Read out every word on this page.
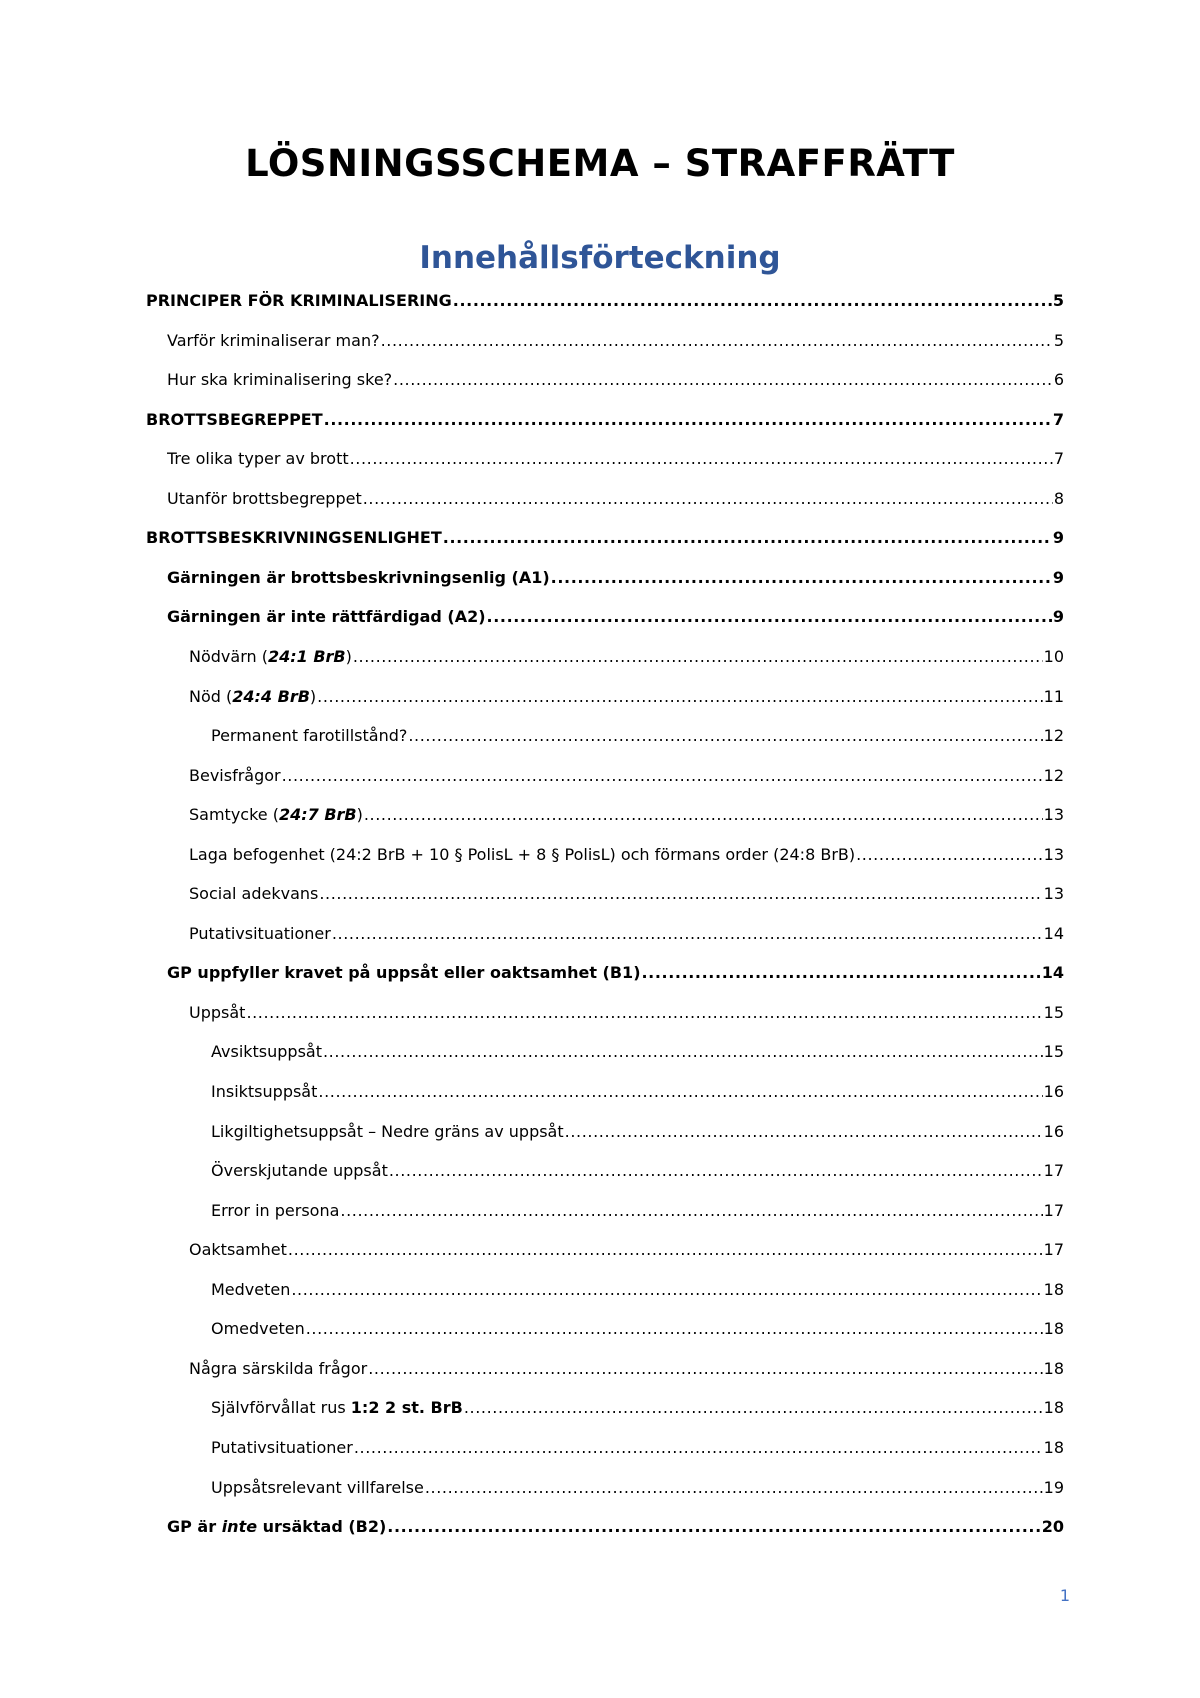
LÖSNINGSSCHEMA – STRAFFRÄTT
Innehållsförteckning
PRINCIPER FÖR KRIMINALISERING .....	5
Varför kriminaliserar man? .....	5
Hur ska kriminalisering ske? .....	6
BROTTSBEGREPPET .....	7
Tre olika typer av brott .....	7
Utanför brottsbegreppet .....	8
BROTTSBESKRIVNINGSENLIGHET .....	9
Gärningen är brottsbeskrivningsenlig (A1) .....	9
Gärningen är inte rättfärdigad (A2) .....	9
Nödvärn (24:1 BrB) .....	10
Nöd (24:4 BrB) .....	11
Permanent farotillstånd? .....	12
Bevisfrågor .....	12
Samtycke (24:7 BrB) .....	13
Laga befogenhet (24:2 BrB + 10 § PolisL + 8 § PolisL) och förmans order (24:8 BrB) .....	13
Social adekvans .....	13
Putativsituationer .....	14
GP uppfyller kravet på uppsåt eller oaktsamhet (B1) .....	14
Uppsåt .....	15
Avsiktsuppsåt .....	15
Insiktsuppsåt .....	16
Likgiltighetsuppsåt – Nedre gräns av uppsåt .....	16
Överskjutande uppsåt .....	17
Error in persona .....	17
Oaktsamhet .....	17
Medveten .....	18
Omedveten .....	18
Några särskilda frågor .....	18
Självförvållat rus 1:2 2 st. BrB .....	18
Putativsituationer .....	18
Uppsåtsrelevant villfarelse .....	19
GP är inte ursäktad (B2) .....	20
1
